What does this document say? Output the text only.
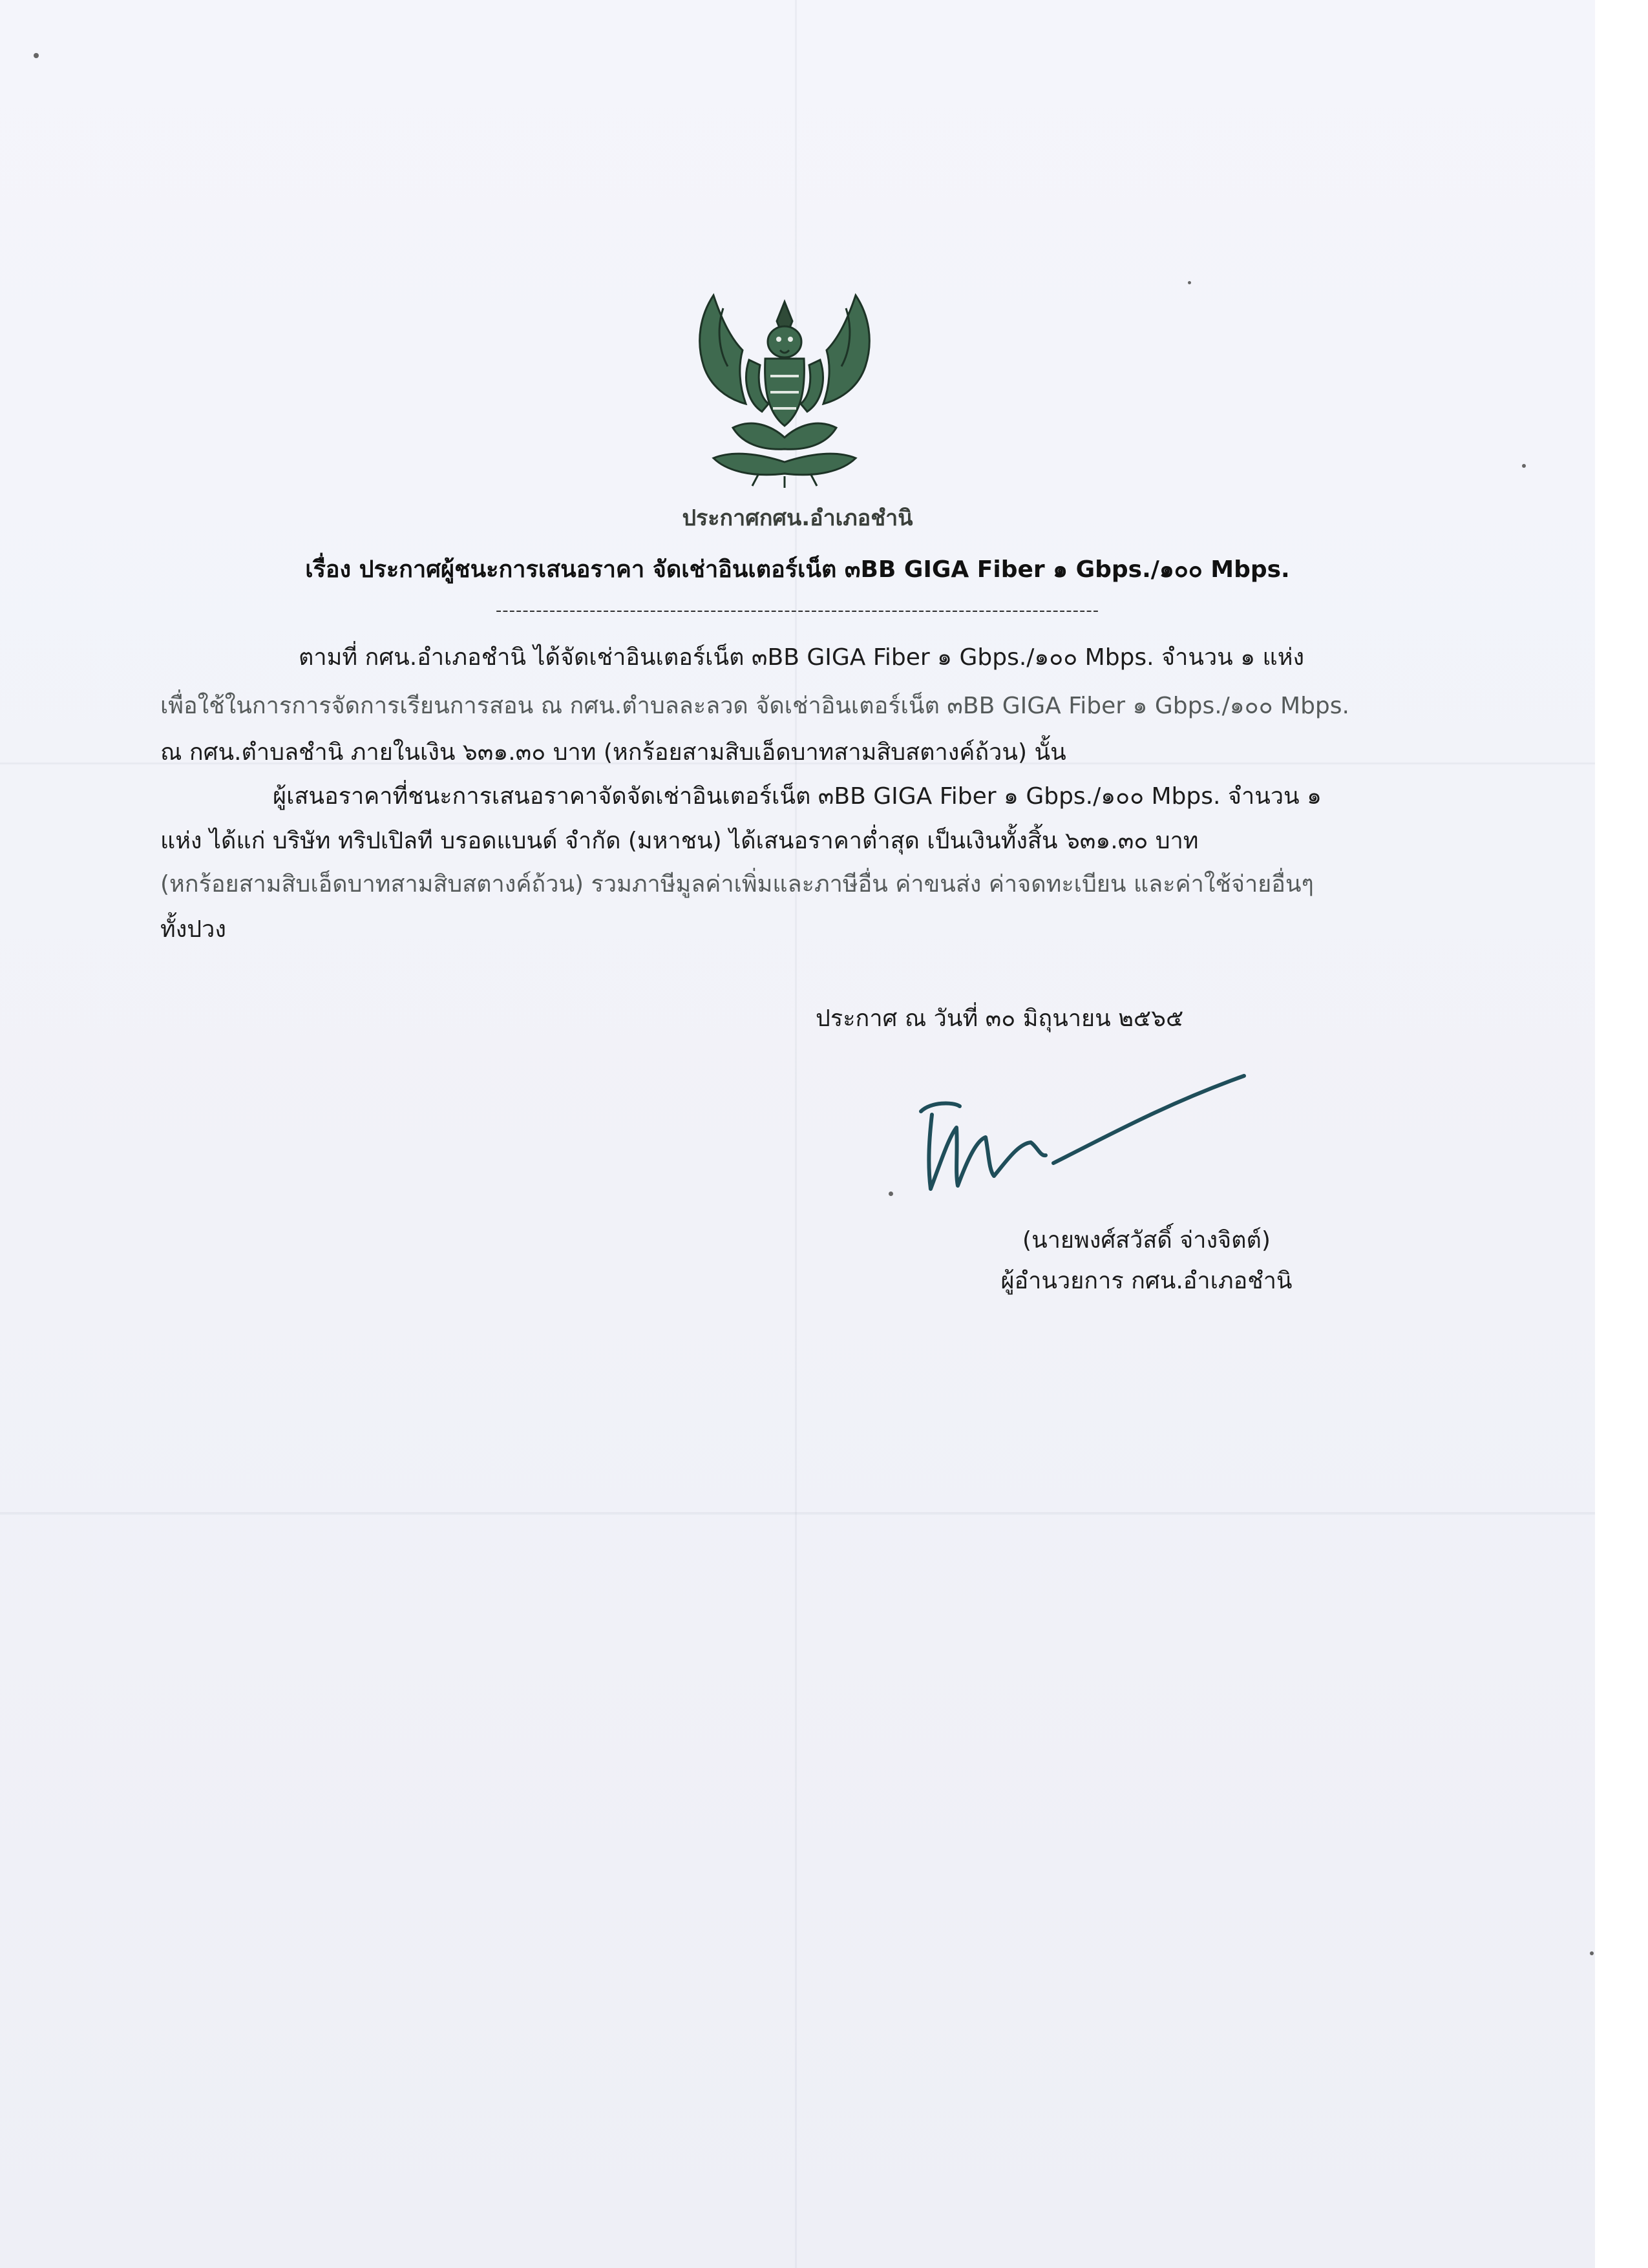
ประกาศกศน.อำเภอชำนิ
เรื่อง ประกาศผู้ชนะการเสนอราคา จัดเช่าอินเตอร์เน็ต ๓BB GIGA Fiber ๑ Gbps./๑๐๐ Mbps.
------------------------------------------------------------------------------------------
ตามที่ กศน.อำเภอชำนิ ได้จัดเช่าอินเตอร์เน็ต ๓BB GIGA Fiber ๑ Gbps./๑๐๐ Mbps. จำนวน ๑ แห่ง
เพื่อใช้ในการการจัดการเรียนการสอน ณ กศน.ตำบลละลวด จัดเช่าอินเตอร์เน็ต ๓BB GIGA Fiber ๑ Gbps./๑๐๐ Mbps.
ณ กศน.ตำบลชำนิ ภายในเงิน ๖๓๑.๓๐ บาท (หกร้อยสามสิบเอ็ดบาทสามสิบสตางค์ถ้วน) นั้น
ผู้เสนอราคาที่ชนะการเสนอราคาจัดจัดเช่าอินเตอร์เน็ต ๓BB GIGA Fiber ๑ Gbps./๑๐๐ Mbps. จำนวน ๑
แห่ง ได้แก่ บริษัท ทริปเปิลที บรอดแบนด์ จำกัด (มหาชน) ได้เสนอราคาต่ำสุด เป็นเงินทั้งสิ้น ๖๓๑.๓๐ บาท
(หกร้อยสามสิบเอ็ดบาทสามสิบสตางค์ถ้วน) รวมภาษีมูลค่าเพิ่มและภาษีอื่น ค่าขนส่ง ค่าจดทะเบียน และค่าใช้จ่ายอื่นๆ
ทั้งปวง
ประกาศ ณ วันที่ ๓๐ มิถุนายน ๒๕๖๕
(นายพงศ์สวัสดิ์ จ่างจิตต์)
ผู้อำนวยการ กศน.อำเภอชำนิ
